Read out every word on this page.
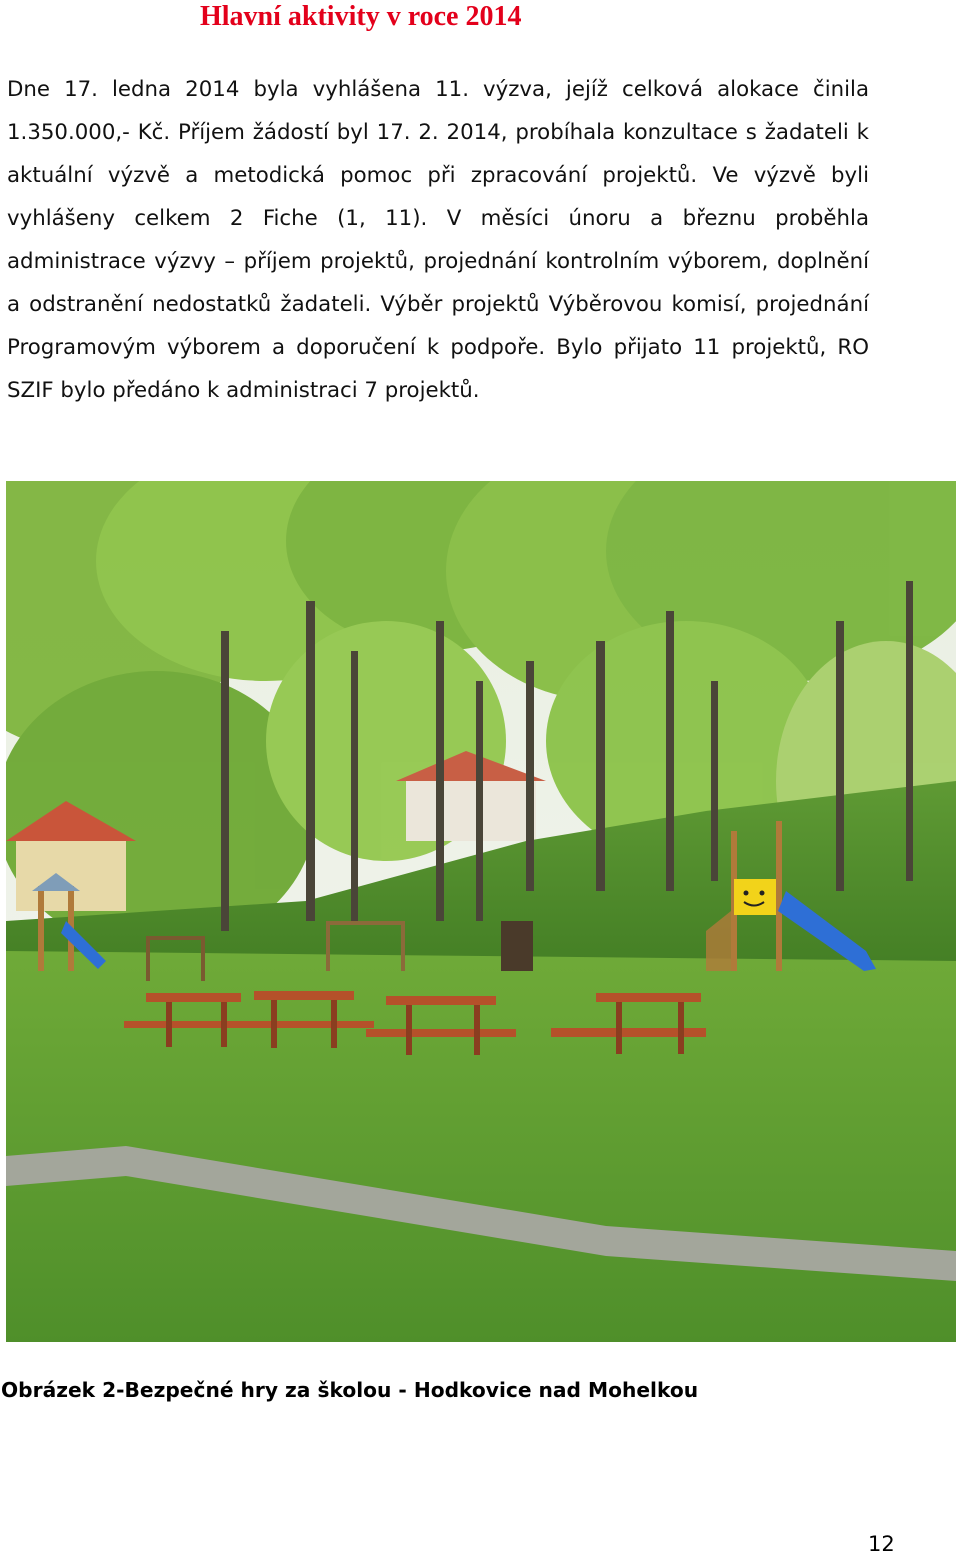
Hlavní aktivity v roce 2014

Dne 17. ledna 2014 byla vyhlášena 11. výzva, jejíž celková alokace činila 1.350.000,- Kč. Příjem žádostí byl 17. 2. 2014, probíhala konzultace s žadateli k aktuální výzvě a metodická pomoc při zpracování projektů. Ve výzvě byli vyhlášeny celkem 2 Fiche (1, 11). V měsíci únoru a březnu proběhla administrace výzvy – příjem projektů, projednání kontrolním výborem, doplnění a odstranění nedostatků žadateli. Výběr projektů Výběrovou komisí, projednání Programovým výborem a doporučení k podpoře. Bylo přijato 11 projektů, RO SZIF bylo předáno k administraci 7 projektů.

Obrázek 2-Bezpečné hry za školou - Hodkovice nad Mohelkou
12
